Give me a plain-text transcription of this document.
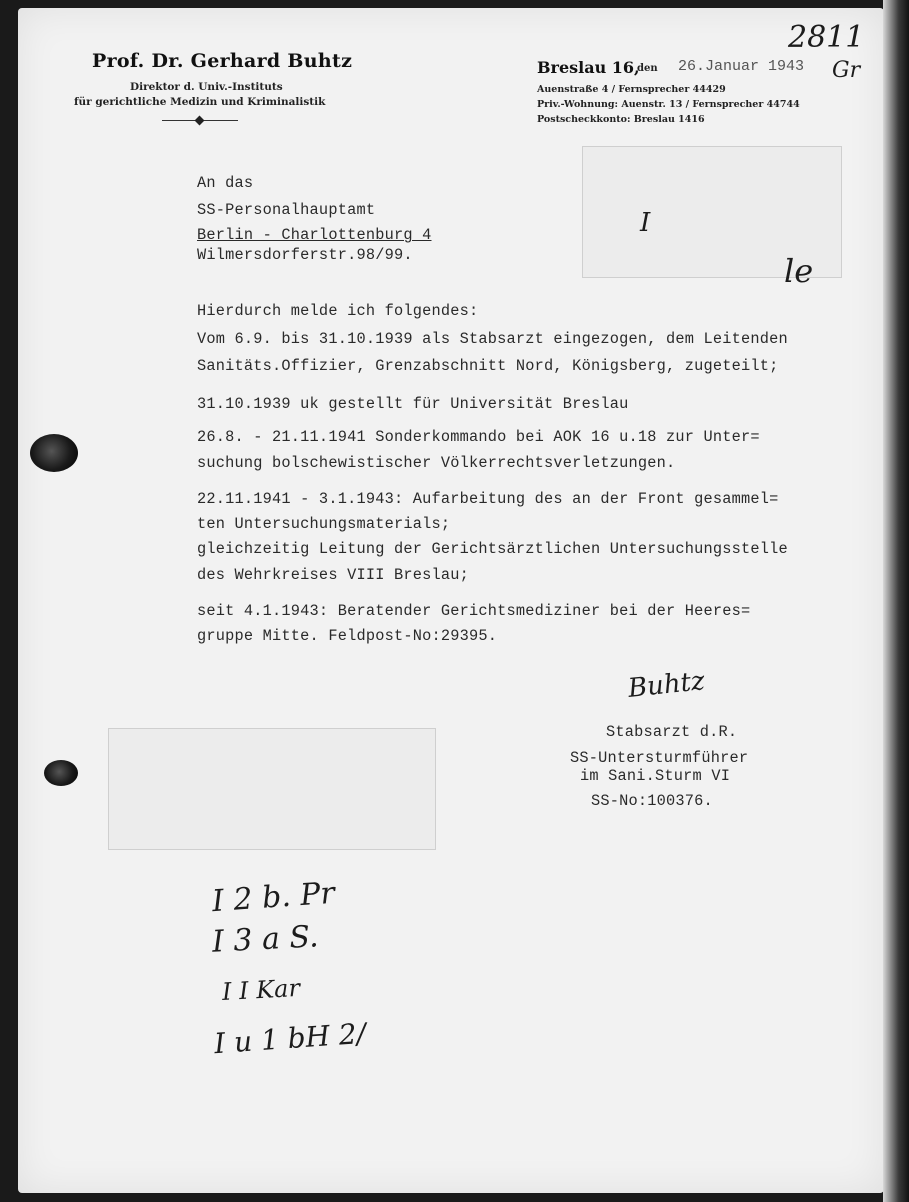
Prof. Dr. Gerhard Buhtz
Direktor d. Univ.-Instituts
für gerichtliche Medizin und Kriminalistik
Breslau 16,
den 26.Januar 1943
Auenstraße 4 / Fernsprecher 44429
Priv.-Wohnung: Auenstr. 13 / Fernsprecher 44744
Postscheckkonto: Breslau 1416
2811
Gr
I
le
An das
SS-Personalhauptamt
Berlin - Charlottenburg 4
Wilmersdorferstr.98/99.
Hierdurch melde ich folgendes:
Vom 6.9. bis 31.10.1939 als Stabsarzt eingezogen, dem Leitenden
Sanitäts.Offizier, Grenzabschnitt Nord, Königsberg, zugeteilt;
31.10.1939 uk gestellt für Universität Breslau
26.8. - 21.11.1941 Sonderkommando bei AOK 16 u.18 zur Unter=
suchung bolschewistischer Völkerrechtsverletzungen.
22.11.1941 - 3.1.1943: Aufarbeitung des an der Front gesammel=
ten Untersuchungsmaterials;
gleichzeitig Leitung der Gerichtsärztlichen Untersuchungsstelle
des Wehrkreises VIII Breslau;
seit 4.1.1943: Beratender Gerichtsmediziner bei der Heeres=
gruppe Mitte. Feldpost-No:29395.
Buhtz
Stabsarzt d.R.
SS-Untersturmführer
im Sani.Sturm VI
SS-No:100376.
I 2 b. Pr
I 3 a S.
I I Kar
I u 1 bH 2/
